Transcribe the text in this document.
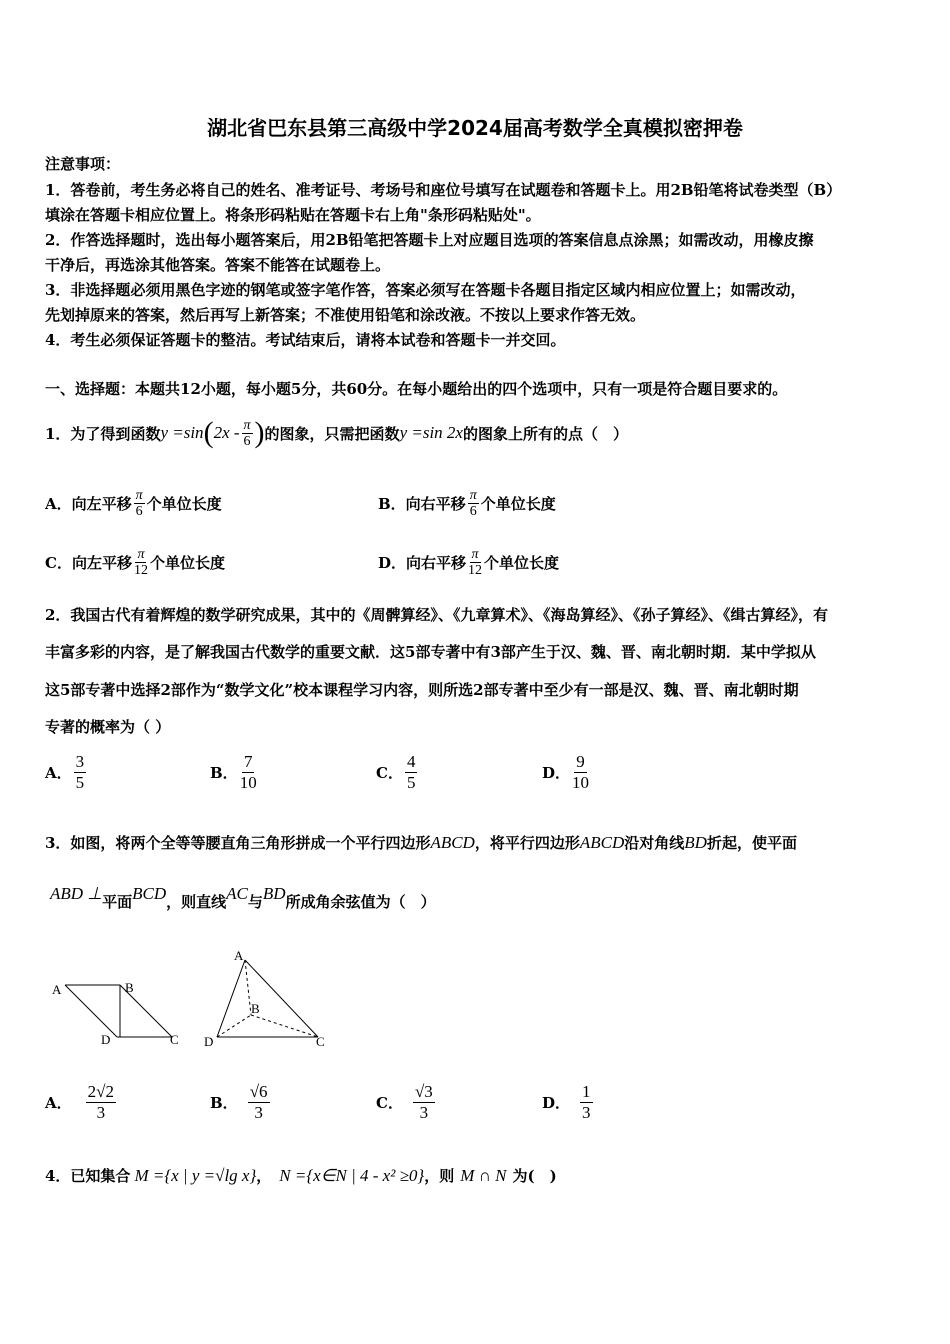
湖北省巴东县第三高级中学2024届高考数学全真模拟密押卷
注意事项：
1．答卷前，考生务必将自己的姓名、准考证号、考场号和座位号填写在试题卷和答题卡上。用2B铅笔将试卷类型（B）
填涂在答题卡相应位置上。将条形码粘贴在答题卡右上角"条形码粘贴处"。
2．作答选择题时，选出每小题答案后，用2B铅笔把答题卡上对应题目选项的答案信息点涂黑；如需改动，用橡皮擦
干净后，再选涂其他答案。答案不能答在试题卷上。
3．非选择题必须用黑色字迹的钢笔或签字笔作答，答案必须写在答题卡各题目指定区域内相应位置上；如需改动，
先划掉原来的答案，然后再写上新答案；不准使用铅笔和涂改液。不按以上要求作答无效。
4．考生必须保证答题卡的整洁。考试结束后，请将本试卷和答题卡一并交回。
一、选择题：本题共12小题，每小题5分，共60分。在每小题给出的四个选项中，只有一项是符合题目要求的。
1．为了得到函数 y =sin ( $2x - \frac{\pi}{6}$ ) 的图象，只需把函数 y =sin 2x 的图象上所有的点（　）
A．向左平移 $\frac{\pi}{6}$ 个单位长度	B．向右平移 $\frac{\pi}{6}$ 个单位长度
C．向左平移 $\frac{\pi}{12}$ 个单位长度	D．向右平移 $\frac{\pi}{12}$ 个单位长度
2．我国古代有着辉煌的数学研究成果，其中的《周髀算经》、《九章算术》、《海岛算经》、《孙子算经》、《缉古算经》，有
丰富多彩的内容，是了解我国古代数学的重要文献．这5部专著中有3部产生于汉、魏、晋、南北朝时期．某中学拟从
这5部专著中选择2部作为“数学文化”校本课程学习内容，则所选2部专著中至少有一部是汉、魏、晋、南北朝时期
专著的概率为（ ）
A． $\frac{3}{5}$	B． $\frac{7}{10}$	C． $\frac{4}{5}$	D． $\frac{9}{10}$
3．如图，将两个全等等腰直角三角形拼成一个平行四边形 ABCD ，将平行四边形 ABCD 沿对角线 BD 折起，使平面
ABD ⊥ 平面 BCD ，则直线 AC 与 BD 所成角余弦值为（　）
A	B
D	C
A
B
D	C
A． $\frac{2√2}{3}$	B． $\frac{√6}{3}$	C． $\frac{√3}{3}$	D． $\frac{1}{3}$
4．已知集合 M ={x | y =√lg x} ， N ={x∈N | 4 - x² ≥0} ，则 M ∩ N 为(　)
